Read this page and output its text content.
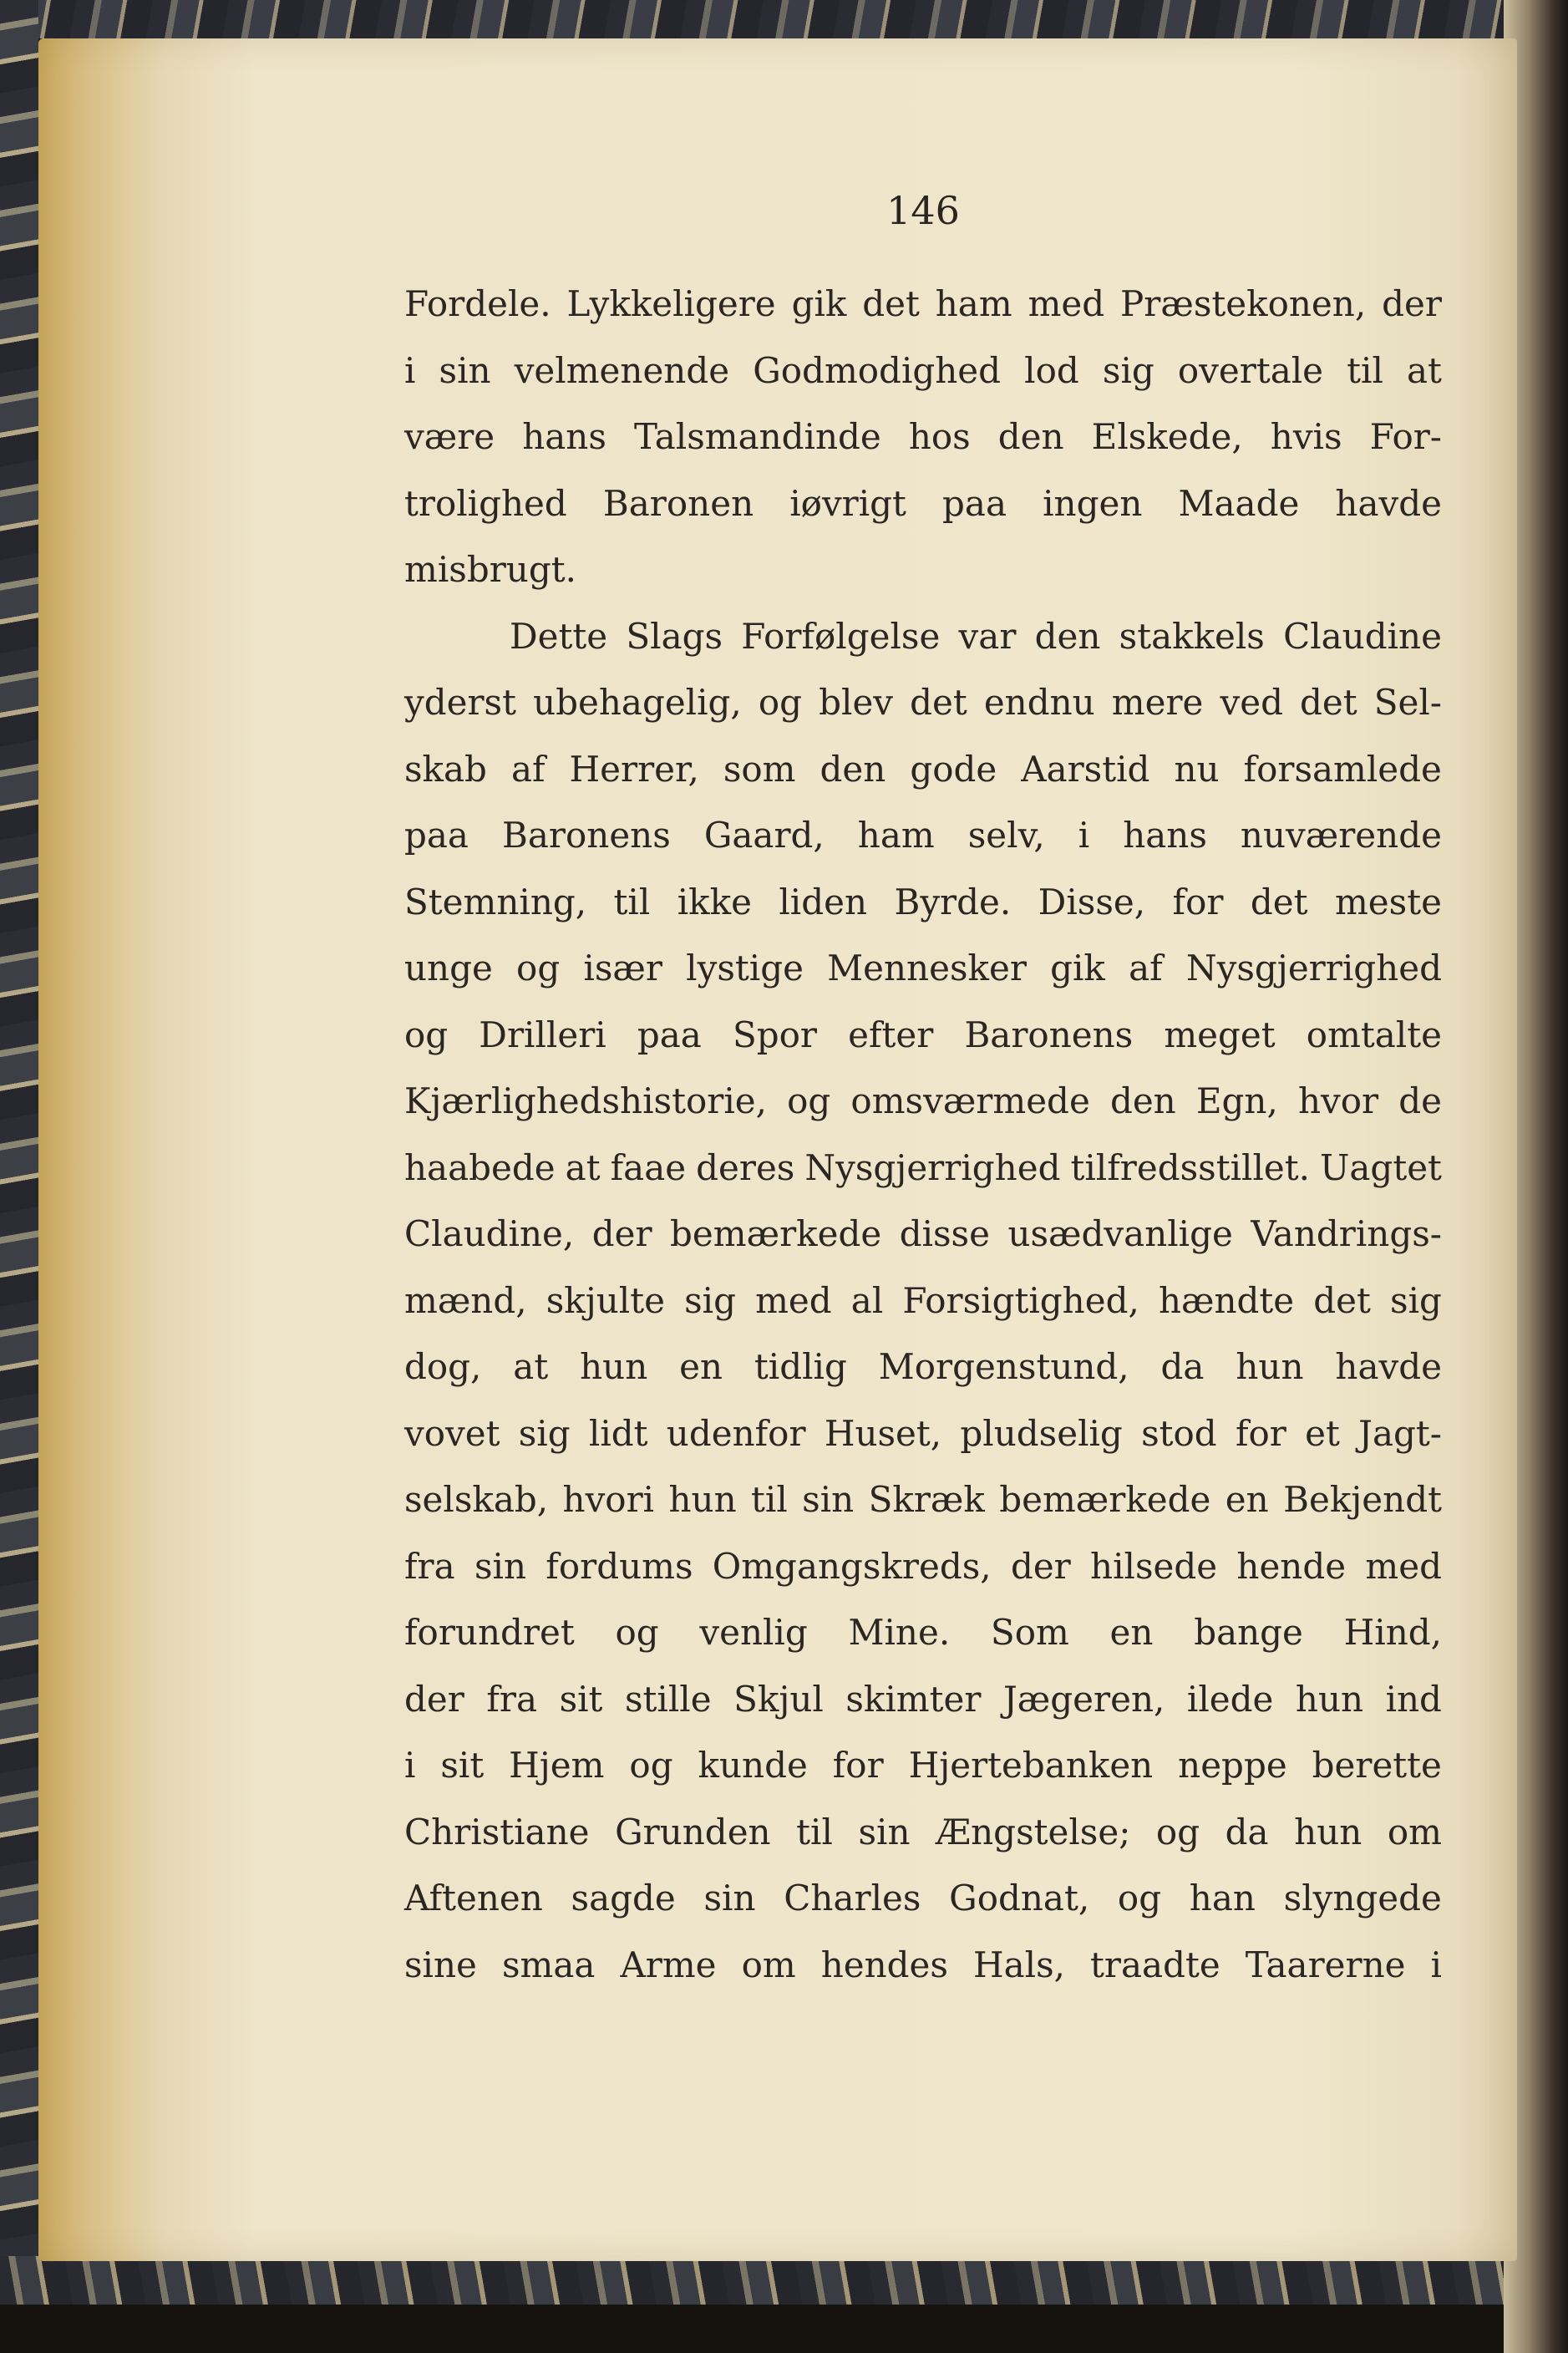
146
Fordele. Lykkeligere gik det ham med Præstekonen, der
i sin velmenende Godmodighed lod sig overtale til at
være hans Talsmandinde hos den Elskede, hvis For-
trolighed Baronen iøvrigt paa ingen Maade havde
misbrugt.
Dette Slags Forfølgelse var den stakkels Claudine
yderst ubehagelig, og blev det endnu mere ved det Sel-
skab af Herrer, som den gode Aarstid nu forsamlede
paa Baronens Gaard, ham selv, i hans nuværende
Stemning, til ikke liden Byrde. Disse, for det meste
unge og især lystige Mennesker gik af Nysgjerrighed
og Drilleri paa Spor efter Baronens meget omtalte
Kjærlighedshistorie, og omsværmede den Egn, hvor de
haabede at faae deres Nysgjerrighed tilfredsstillet. Uagtet
Claudine, der bemærkede disse usædvanlige Vandrings-
mænd, skjulte sig med al Forsigtighed, hændte det sig
dog, at hun en tidlig Morgenstund, da hun havde
vovet sig lidt udenfor Huset, pludselig stod for et Jagt-
selskab, hvori hun til sin Skræk bemærkede en Bekjendt
fra sin fordums Omgangskreds, der hilsede hende med
forundret og venlig Mine. Som en bange Hind,
der fra sit stille Skjul skimter Jægeren, ilede hun ind
i sit Hjem og kunde for Hjertebanken neppe berette
Christiane Grunden til sin Ængstelse; og da hun om
Aftenen sagde sin Charles Godnat, og han slyngede
sine smaa Arme om hendes Hals, traadte Taarerne i
